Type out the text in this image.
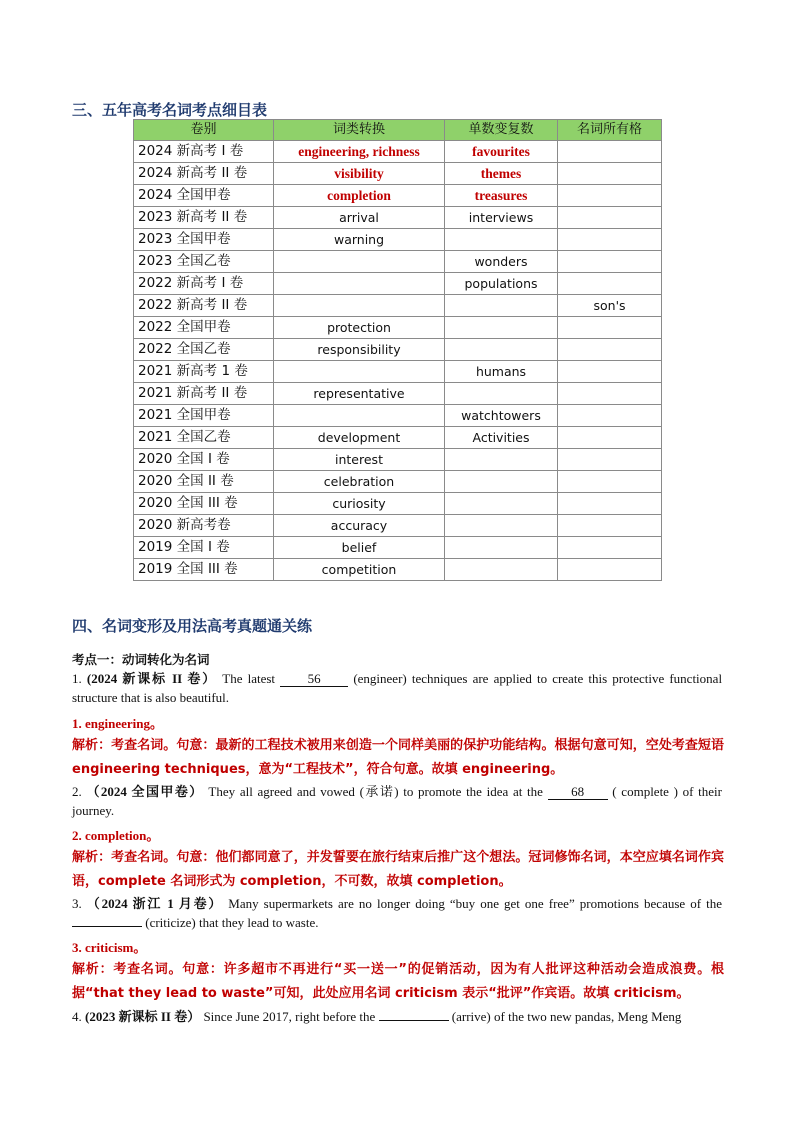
三、五年高考名词考点细目表
卷别	词类转换	单数变复数	名词所有格
2024 新高考 I 卷	engineering, richness	favourites	
2024 新高考 II 卷	visibility	themes	
2024 全国甲卷	completion	treasures	
2023 新高考 II 卷	arrival	interviews	
2023 全国甲卷	warning		
2023 全国乙卷		wonders	
2022 新高考 I 卷		populations	
2022 新高考 II 卷			son's
2022 全国甲卷	protection		
2022 全国乙卷	responsibility		
2021 新高考 1 卷		humans	
2021 新高考 II 卷	representative		
2021 全国甲卷		watchtowers	
2021 全国乙卷	development	Activities	
2020 全国 I 卷	interest		
2020 全国 II 卷	celebration		
2020 全国 III 卷	curiosity		
2020 新高考卷	accuracy		
2019 全国 I 卷	belief		
2019 全国 III 卷	competition		
四、名词变形及用法高考真题通关练
考点一：动词转化为名词
1. (2024 新课标 II 卷） The latest	56	(engineer) techniques are applied to create this protective functional structure that is also beautiful.
1. engineering。
解析：考查名词。句意：最新的工程技术被用来创造一个同样美丽的保护功能结构。根据句意可知，空处考查短语 engineering techniques，意为“工程技术”，符合句意。故填 engineering。
2. （2024 全国甲卷） They all agreed and vowed (承诺) to promote the idea at the 68 ( complete ) of their journey.
2. completion。
解析：考查名词。句意：他们都同意了，并发誓要在旅行结束后推广这个想法。冠词修饰名词，本空应填名词作宾语，complete 名词形式为 completion，不可数，故填 completion。
3. （2024 浙江 1 月卷） Many supermarkets are no longer doing “buy one get one free” promotions because of the  (criticize) that they lead to waste.
3. criticism。
解析：考查名词。句意：许多超市不再进行“买一送一”的促销活动，因为有人批评这种活动会造成浪费。根据“that they lead to waste”可知，此处应用名词 criticism 表示“批评”作宾语。故填 criticism。
4. (2023 新课标 II 卷） Since June 2017, right before the	(arrive) of the two new pandas, Meng Meng
